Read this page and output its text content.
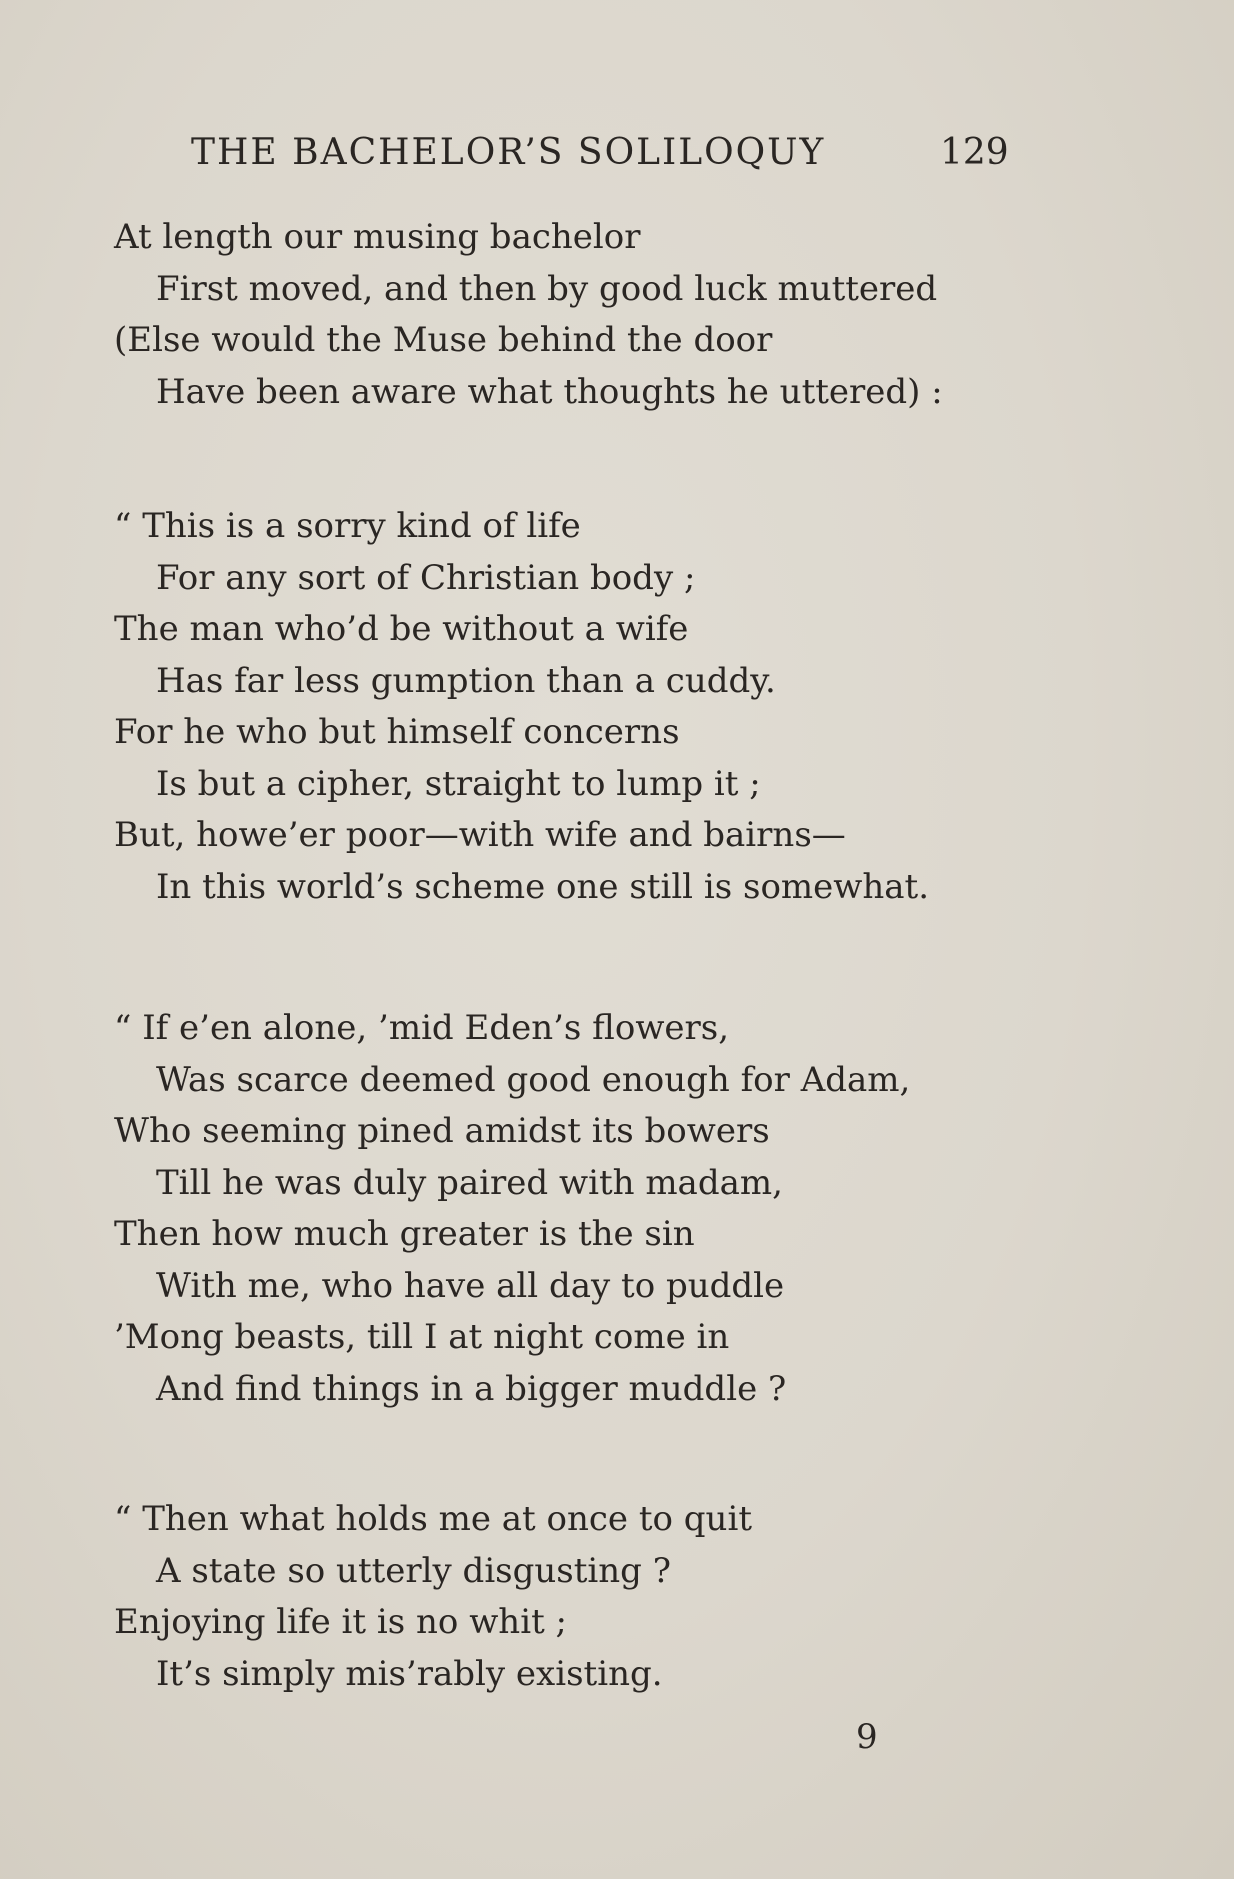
THE BACHELOR’S SOLILOQUY	129
At length our musing bachelor
First moved, and then by good luck muttered
(Else would the Muse behind the door
Have been aware what thoughts he uttered) :
“ This is a sorry kind of life
For any sort of Christian body ;
The man who’d be without a wife
Has far less gumption than a cuddy.
For he who but himself concerns
Is but a cipher, straight to lump it ;
But, howe’er poor—with wife and bairns—
In this world’s scheme one still is somewhat.
“ If e’en alone, ’mid Eden’s flowers,
Was scarce deemed good enough for Adam,
Who seeming pined amidst its bowers
Till he was duly paired with madam,
Then how much greater is the sin
With me, who have all day to puddle
’Mong beasts, till I at night come in
And find things in a bigger muddle ?
“ Then what holds me at once to quit
A state so utterly disgusting ?
Enjoying life it is no whit ;
It’s simply mis’rably existing.
9
